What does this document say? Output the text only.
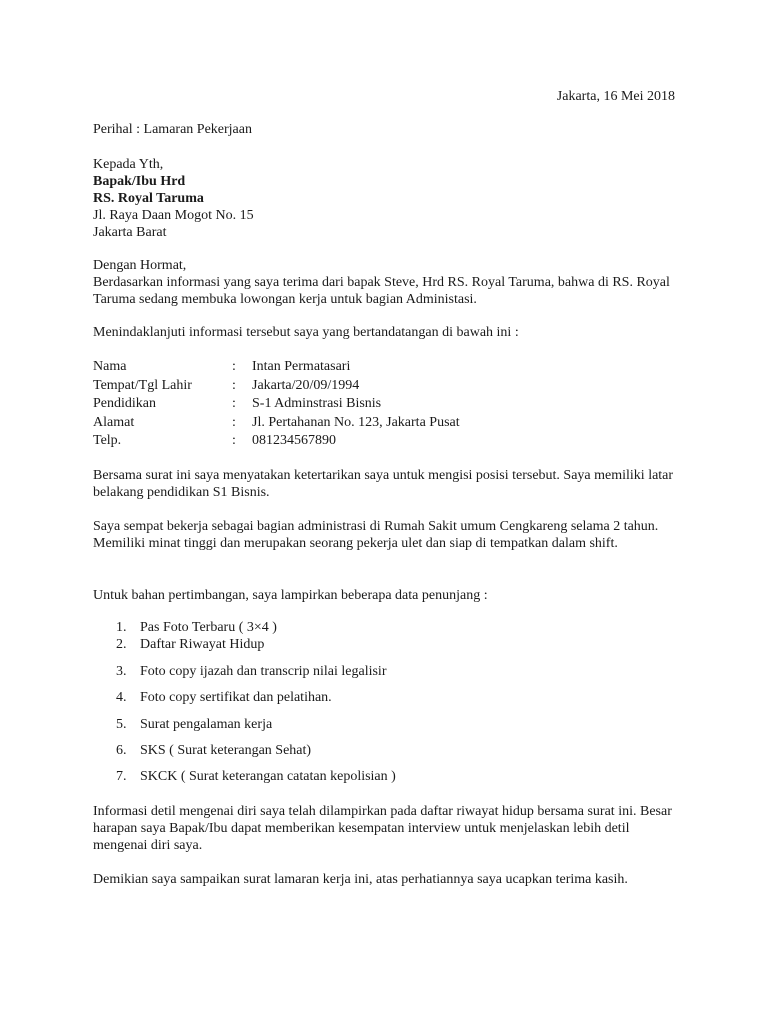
Jakarta, 16 Mei 2018

Perihal : Lamaran Pekerjaan

Kepada Yth,

Bapak/Ibu Hrd

RS. Royal Taruma

Jl. Raya Daan Mogot No. 15

Jakarta Barat

Dengan Hormat,

Berdasarkan informasi yang saya terima dari bapak Steve, Hrd RS. Royal Taruma, bahwa di RS. Royal Taruma sedang membuka lowongan kerja untuk bagian Administasi.

Menindaklanjuti informasi tersebut saya yang bertandatangan di bawah ini :

Nama	:	Intan Permatasari
Tempat/Tgl Lahir	:	Jakarta/20/09/1994
Pendidikan	:	S-1 Adminstrasi Bisnis
Alamat	:	Jl. Pertahanan No. 123, Jakarta Pusat
Telp.	:	081234567890

Bersama surat ini saya menyatakan ketertarikan saya untuk mengisi posisi tersebut. Saya memiliki latar belakang pendidikan S1 Bisnis.

Saya sempat bekerja sebagai bagian administrasi di Rumah Sakit umum Cengkareng selama 2 tahun. Memiliki minat tinggi dan merupakan seorang pekerja ulet dan siap di tempatkan dalam shift.

Untuk bahan pertimbangan, saya lampirkan beberapa data penunjang :

1. Pas Foto Terbaru ( 3×4 )
2. Daftar Riwayat Hidup
3. Foto copy ijazah dan transcrip nilai legalisir
4. Foto copy sertifikat dan pelatihan.
5. Surat pengalaman kerja
6. SKS ( Surat keterangan Sehat)
7. SKCK ( Surat keterangan catatan kepolisian )

Informasi detil mengenai diri saya telah dilampirkan pada daftar riwayat hidup bersama surat ini. Besar harapan saya Bapak/Ibu dapat memberikan kesempatan interview untuk menjelaskan lebih detil mengenai diri saya.

Demikian saya sampaikan surat lamaran kerja ini, atas perhatiannya saya ucapkan terima kasih.
